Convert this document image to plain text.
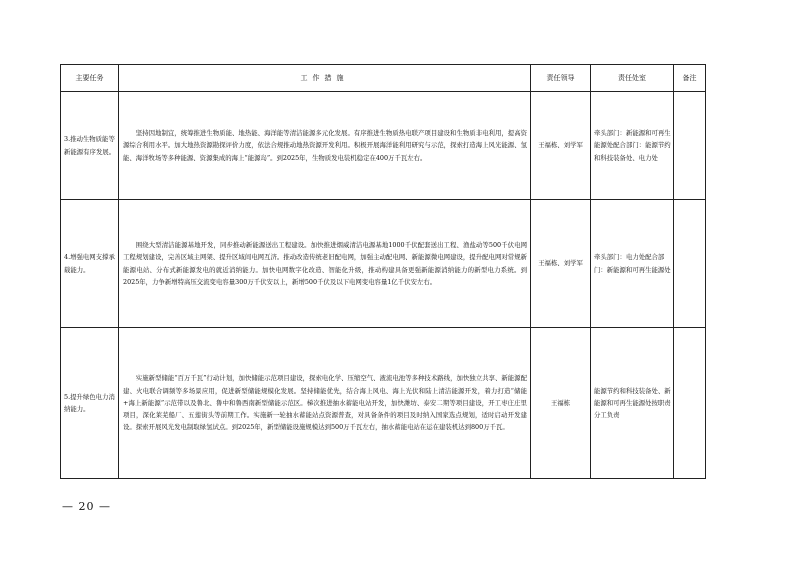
主要任务	工作措施	责任领导	责任处室	备注
3.推动生物质能等新能源有序发展。	坚持因地制宜，统筹推进生物质能、地热能、海洋能等清洁能源多元化发展。有序推进生物质热电联产项目建设和生物质非电利用，提高资源综合利用水平。加大地热资源勘探评价力度，依法合规推动地热资源开发利用。积极开展海洋能利用研究与示范，探索打造海上风光能源、氢能、海洋牧场等多种能源、资源集成的海上“能源岛”。到2025年，生物质发电装机稳定在400万千瓦左右。	王福栋、刘学军	牵头部门：新能源和可再生能源处配合部门：能源节约和科技装备处、电力处	
4.增强电网支撑承载能力。	围绕大型清洁能源基地开发，同步推动新能源送出工程建设。加快推进烟威清洁电源基地1000千伏配套送出工程、渔盐动等500千伏电网工程规划建设，完善区域主网架、提升区域间电网互济。推动改造传统老旧配电网，加强主动配电网、新能源微电网建设，提升配电网对常规新能源电站、分布式新能源发电的就近消纳能力。加快电网数字化改造、智能化升级，推动构建具备更强新能源消纳能力的新型电力系统。到2025年，力争新增特高压交流变电容量300万千伏安以上，新增500千伏及以下电网变电容量1亿千伏安左右。	王福栋、刘学军	牵头部门：电力处配合部门：新能源和可再生能源处	
5.提升绿色电力消纳能力。	实施新型储能“百万千瓦”行动计划，加快储能示范项目建设，探索电化学、压缩空气、液流电池等多种技术路线，加快独立共享、新能源配建、火电联合调频等多场景应用，促进新型储能规模化发展。坚持储能优先，结合海上风电、海上光伏和陆上清洁能源开发，着力打造“储能+海上新能源”示范带以及鲁北、鲁中和鲁西南新型储能示范区。梯次推进抽水蓄能电站开发，加快潍坊、泰安二期等项目建设，开工枣庄庄里项目，深化莱芜船厂、五莲街头等前期工作。实施新一轮抽水蓄能站点资源普查，对具备条件的项目及时纳入国家选点规划，适时启动开发建设。探索开展风光发电制取绿氢试点。到2025年，新型储能设施规模达到500万千瓦左右，抽水蓄能电站在运在建装机达到800万千瓦。	王福栋	能源节约和科技装备处、新能源和可再生能源处按职责分工负责	
— 20 —
